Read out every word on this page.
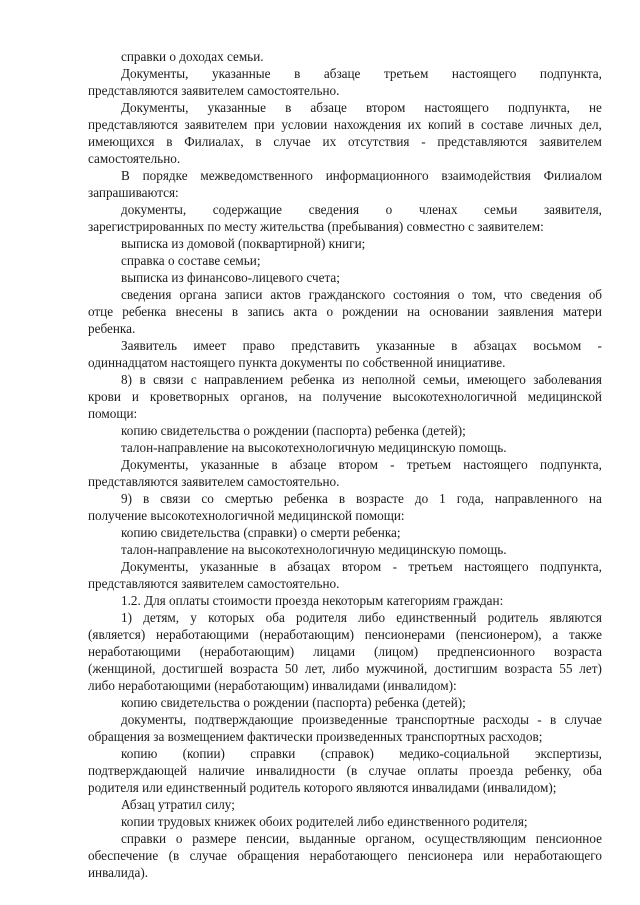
справки о доходах семьи.
Документы, указанные в абзаце третьем настоящего подпункта,
представляются заявителем самостоятельно.
Документы, указанные в абзаце втором настоящего подпункта, не
представляются заявителем при условии нахождения их копий в составе личных дел,
имеющихся в Филиалах, в случае их отсутствия - представляются заявителем
самостоятельно.
В порядке межведомственного информационного взаимодействия Филиалом
запрашиваются:
документы, содержащие сведения о членах семьи заявителя,
зарегистрированных по месту жительства (пребывания) совместно с заявителем:
выписка из домовой (поквартирной) книги;
справка о составе семьи;
выписка из финансово-лицевого счета;
сведения органа записи актов гражданского состояния о том, что сведения об
отце ребенка внесены в запись акта о рождении на основании заявления матери
ребенка.
Заявитель имеет право представить указанные в абзацах восьмом -
одиннадцатом настоящего пункта документы по собственной инициативе.
8) в связи с направлением ребенка из неполной семьи, имеющего заболевания
крови и кроветворных органов, на получение высокотехнологичной медицинской
помощи:
копию свидетельства о рождении (паспорта) ребенка (детей);
талон-направление на высокотехнологичную медицинскую помощь.
Документы, указанные в абзаце втором - третьем настоящего подпункта,
представляются заявителем самостоятельно.
9) в связи со смертью ребенка в возрасте до 1 года, направленного на
получение высокотехнологичной медицинской помощи:
копию свидетельства (справки) о смерти ребенка;
талон-направление на высокотехнологичную медицинскую помощь.
Документы, указанные в абзацах втором - третьем настоящего подпункта,
представляются заявителем самостоятельно.
1.2. Для оплаты стоимости проезда некоторым категориям граждан:
1) детям, у которых оба родителя либо единственный родитель являются
(является) неработающими (неработающим) пенсионерами (пенсионером), а также
неработающими (неработающим) лицами (лицом) предпенсионного возраста
(женщиной, достигшей возраста 50 лет, либо мужчиной, достигшим возраста 55 лет)
либо неработающими (неработающим) инвалидами (инвалидом):
копию свидетельства о рождении (паспорта) ребенка (детей);
документы, подтверждающие произведенные транспортные расходы - в случае
обращения за возмещением фактически произведенных транспортных расходов;
копию (копии) справки (справок) медико-социальной экспертизы,
подтверждающей наличие инвалидности (в случае оплаты проезда ребенку, оба
родителя или единственный родитель которого являются инвалидами (инвалидом);
Абзац утратил силу;
копии трудовых книжек обоих родителей либо единственного родителя;
справки о размере пенсии, выданные органом, осуществляющим пенсионное
обеспечение (в случае обращения неработающего пенсионера или неработающего
инвалида).
